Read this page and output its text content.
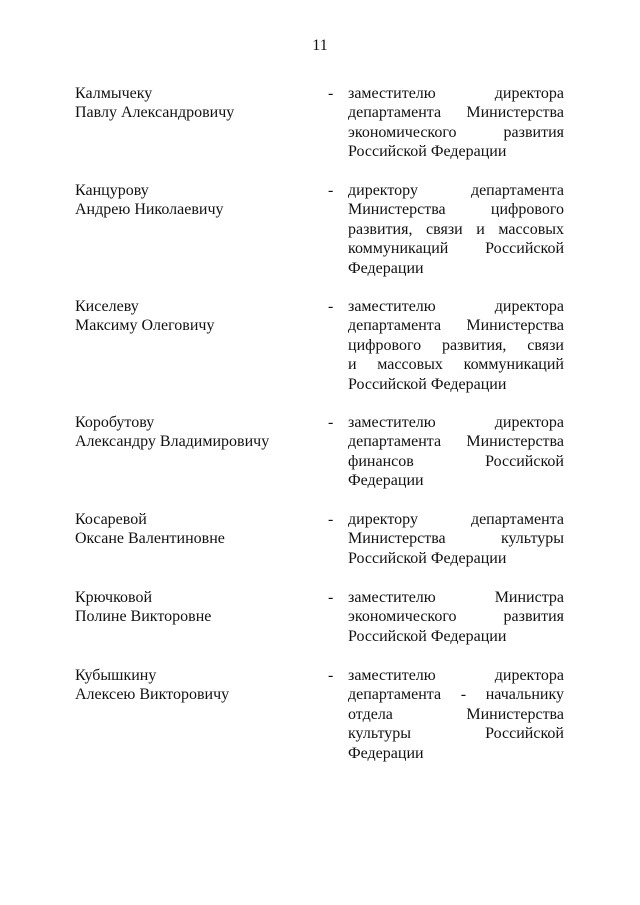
11
Калмычеку
Павлу Александровичу
- заместителю директора
департамента Министерства
экономического развития
Российской Федерации
Канцурову
Андрею Николаевичу
- директору департамента
Министерства цифрового
развития, связи и массовых
коммуникаций Российской
Федерации
Киселеву
Максиму Олеговичу
- заместителю директора
департамента Министерства
цифрового развития, связи
и массовых коммуникаций
Российской Федерации
Коробутову
Александру Владимировичу
- заместителю директора
департамента Министерства
финансов Российской
Федерации
Косаревой
Оксане Валентиновне
- директору департамента
Министерства культуры
Российской Федерации
Крючковой
Полине Викторовне
- заместителю Министра
экономического развития
Российской Федерации
Кубышкину
Алексею Викторовичу
- заместителю директора
департамента - начальнику
отдела Министерства
культуры Российской
Федерации
